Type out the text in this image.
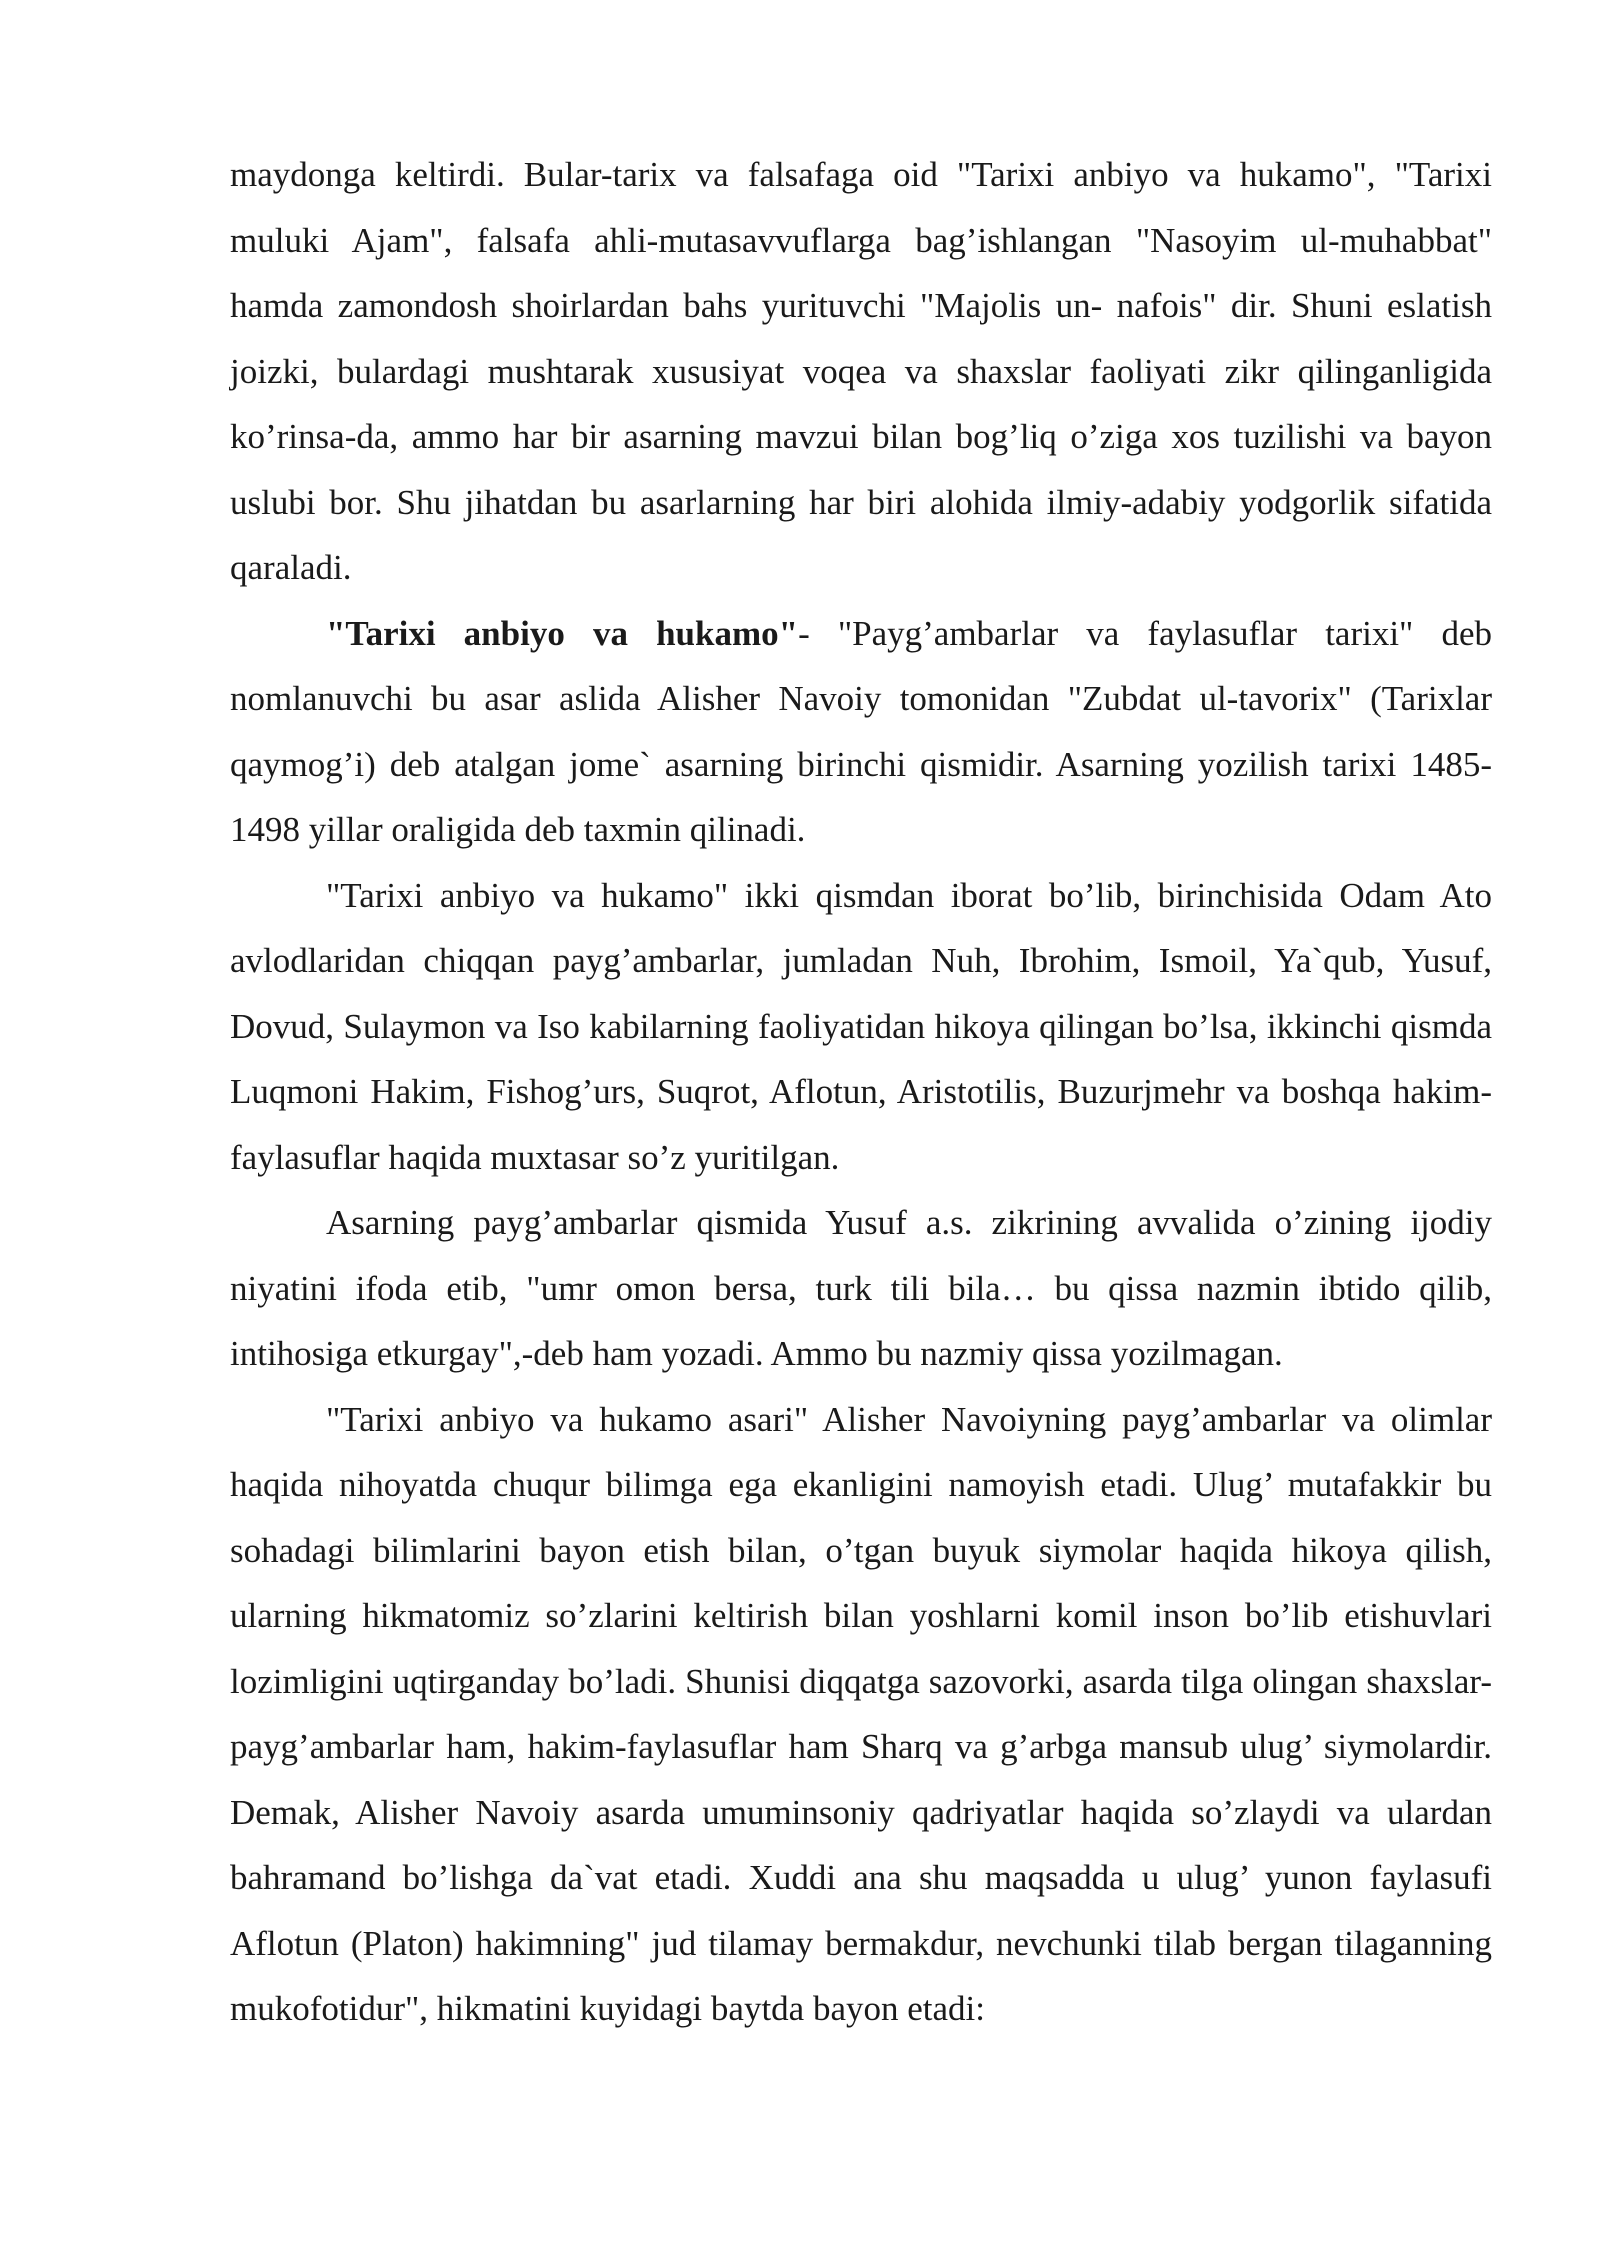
maydonga keltirdi. Bular-tarix va falsafaga oid "Tarixi anbiyo va hukamo", "Tarixi muluki Ajam", falsafa ahli-mutasavvuflarga bag’ishlangan "Nasoyim ul-muhabbat" hamda zamondosh shoirlardan bahs yurituvchi "Majolis un- nafois" dir. Shuni eslatish joizki, bulardagi mushtarak xususiyat voqea va shaxslar faoliyati zikr qilinganligida ko’rinsa-da, ammo har bir asarning mavzui bilan bog’liq o’ziga xos tuzilishi va bayon uslubi bor. Shu jihatdan bu asarlarning har biri alohida ilmiy-adabiy yodgorlik sifatida qaraladi.

"Tarixi anbiyo va hukamo"- "Payg’ambarlar va faylasuflar tarixi" deb nomlanuvchi bu asar aslida Alisher Navoiy tomonidan "Zubdat ul-tavorix" (Tarixlar qaymog’i) deb atalgan jome` asarning birinchi qismidir. Asarning yozilish tarixi 1485-1498 yillar oraligida deb taxmin qilinadi.

"Tarixi anbiyo va hukamo" ikki qismdan iborat bo’lib, birinchisida Odam Ato avlodlaridan chiqqan payg’ambarlar, jumladan Nuh, Ibrohim, Ismoil, Ya`qub, Yusuf, Dovud, Sulaymon va Iso kabilarning faoliyatidan hikoya qilingan bo’lsa, ikkinchi qismda Luqmoni Hakim, Fishog’urs, Suqrot, Aflotun, Aristotilis, Buzurjmehr va boshqa hakim- faylasuflar haqida muxtasar so’z yuritilgan.

Asarning payg’ambarlar qismida Yusuf a.s. zikrining avvalida o’zining ijodiy niyatini ifoda etib, "umr omon bersa, turk tili bila… bu qissa nazmin ibtido qilib, intihosiga etkurgay",-deb ham yozadi. Ammo bu nazmiy qissa yozilmagan.

"Tarixi anbiyo va hukamo asari" Alisher Navoiyning payg’ambarlar va olimlar haqida nihoyatda chuqur bilimga ega ekanligini namoyish etadi. Ulug’ mutafakkir bu sohadagi bilimlarini bayon etish bilan, o’tgan buyuk siymolar haqida hikoya qilish, ularning hikmatomiz so’zlarini keltirish bilan yoshlarni komil inson bo’lib etishuvlari lozimligini uqtirganday bo’ladi. Shunisi diqqatga sazovorki, asarda tilga olingan shaxslar- payg’ambarlar ham, hakim-faylasuflar ham Sharq va g’arbga mansub ulug’ siymolardir. Demak, Alisher Navoiy asarda umuminsoniy qadriyatlar haqida so’zlaydi va ulardan bahramand bo’lishga da`vat etadi. Xuddi ana shu maqsadda u ulug’ yunon faylasufi Aflotun (Platon) hakimning" jud tilamay bermakdur, nevchunki tilab bergan tilaganning mukofotidur", hikmatini kuyidagi baytda bayon etadi:
